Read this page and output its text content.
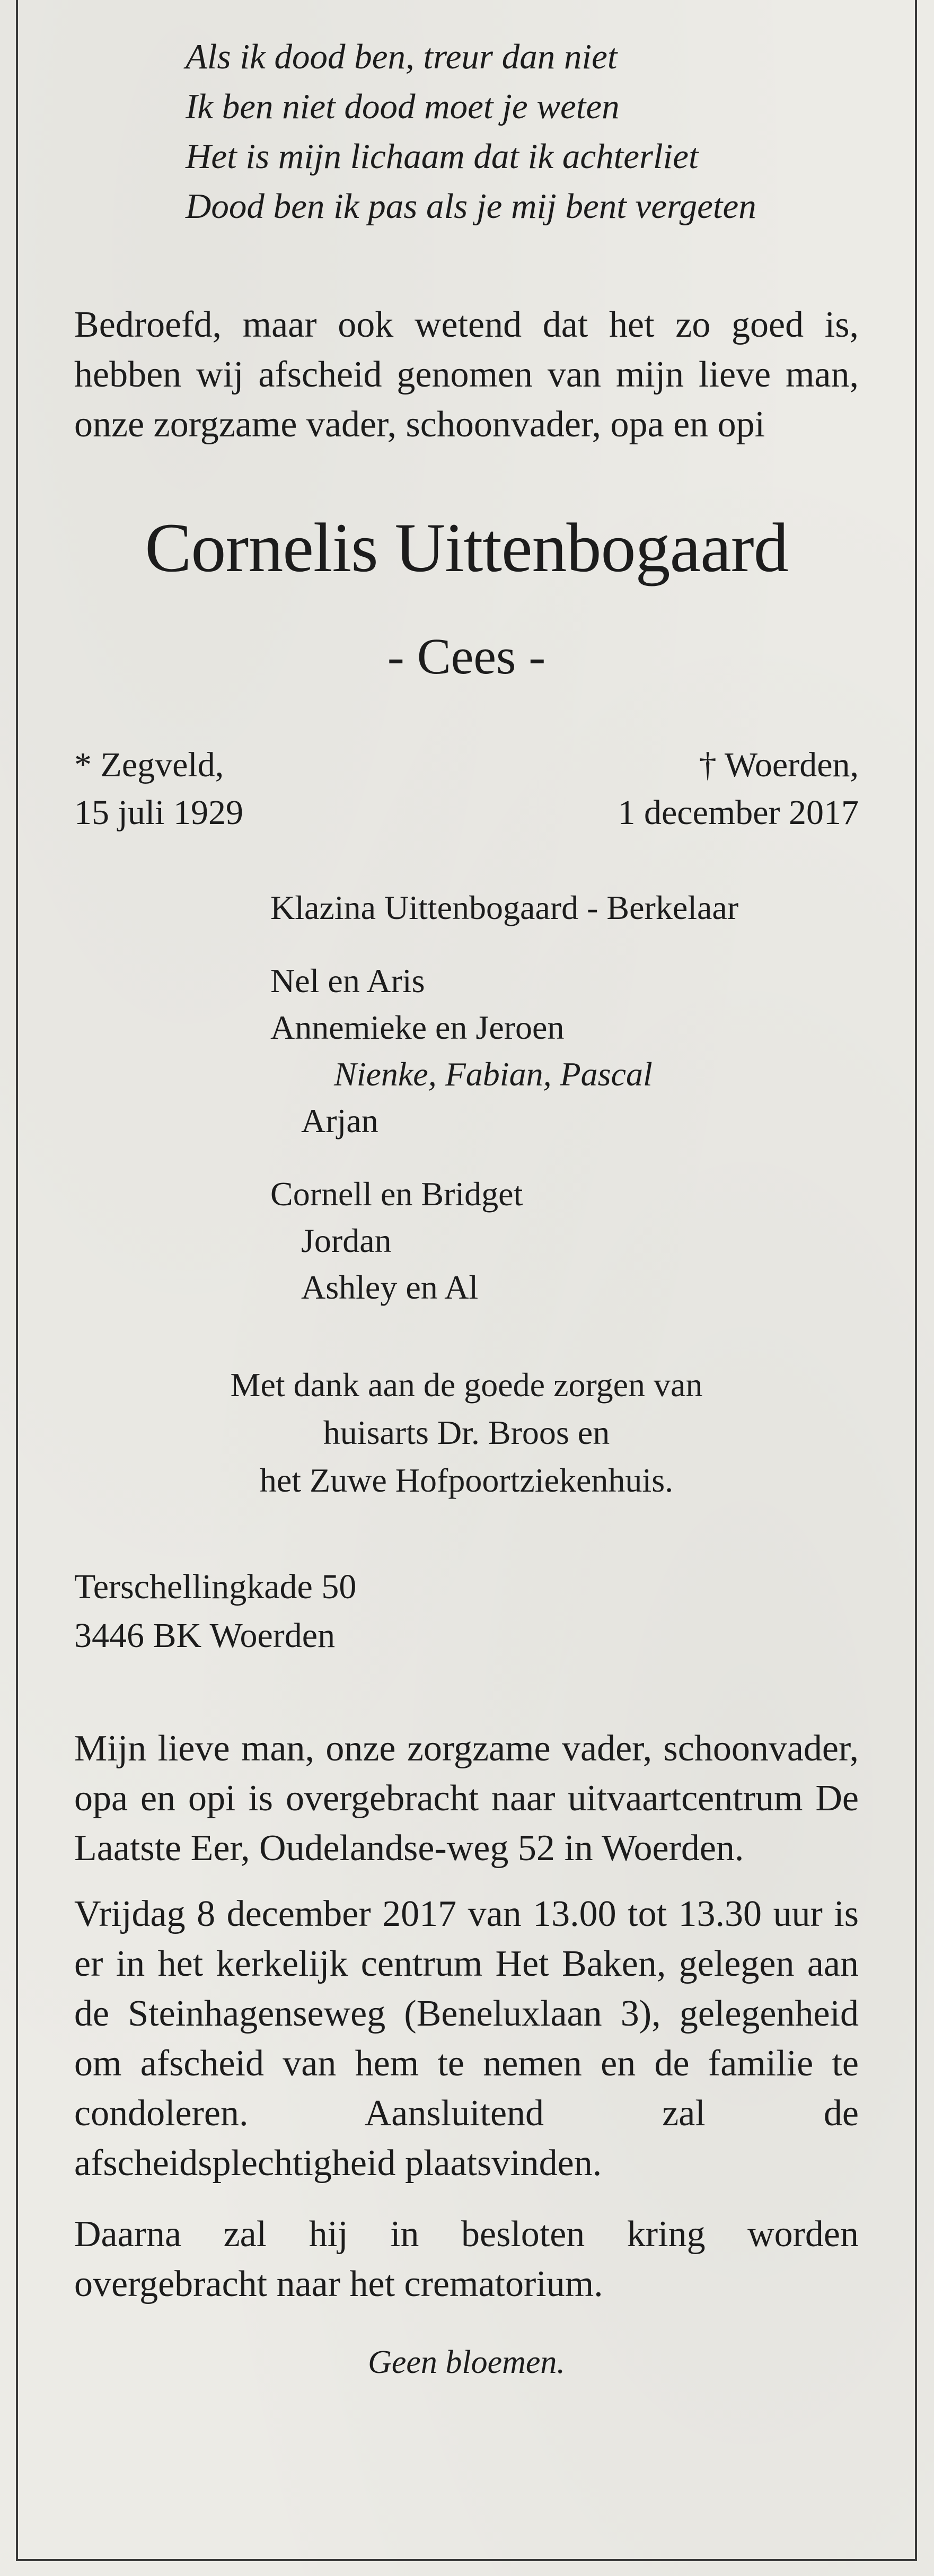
Als ik dood ben, treur dan niet
Ik ben niet dood moet je weten
Het is mijn lichaam dat ik achterliet
Dood ben ik pas als je mij bent vergeten
Bedroefd, maar ook wetend dat het zo goed is, hebben wij afscheid genomen van mijn lieve man, onze zorgzame vader, schoonvader, opa en opi
Cornelis Uittenbogaard
- Cees -
* Zegveld,
15 juli 1929
† Woerden,
1 december 2017
Klazina Uittenbogaard - Berkelaar
Nel en Aris
Annemieke en Jeroen
Nienke, Fabian, Pascal
Arjan
Cornell en Bridget
Jordan
Ashley en Al
Met dank aan de goede zorgen van
huisarts Dr. Broos en
het Zuwe Hofpoortziekenhuis.
Terschellingkade 50
3446 BK Woerden
Mijn lieve man, onze zorgzame vader, schoonvader, opa en opi is overgebracht naar uitvaartcentrum De Laatste Eer, Oudelandse-weg 52 in Woerden.
Vrijdag 8 december 2017 van 13.00 tot 13.30 uur is er in het kerkelijk centrum Het Baken, gelegen aan de Steinhagenseweg (Beneluxlaan 3), gelegenheid om afscheid van hem te nemen en de familie te condoleren. Aansluitend zal de afscheidsplechtigheid plaatsvinden.
Daarna zal hij in besloten kring worden overgebracht naar het crematorium.
Geen bloemen.
